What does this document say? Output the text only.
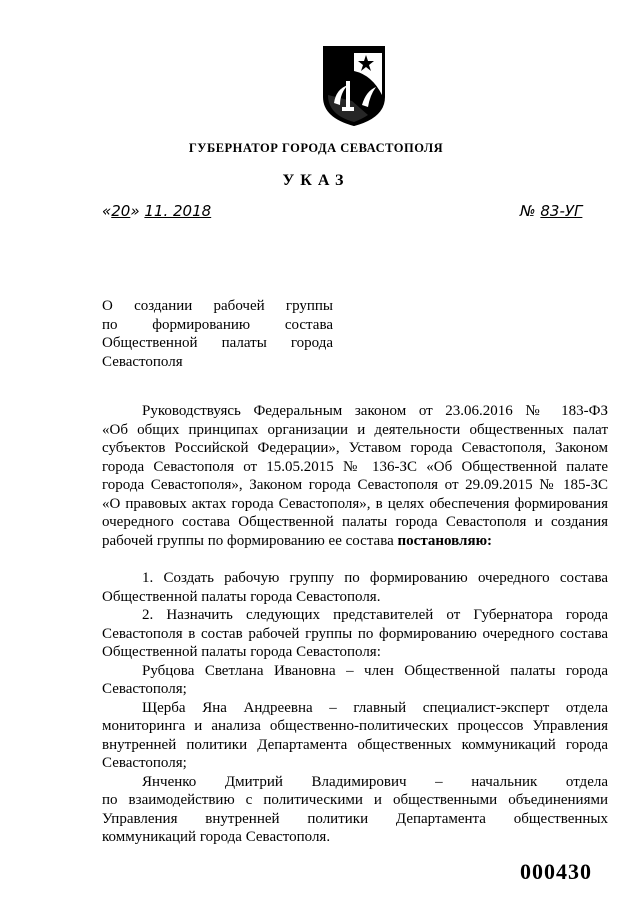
ГУБЕРНАТОР ГОРОДА СЕВАСТОПОЛЯ
УКАЗ
«20» 11. 2018	№ 83-УГ
О создании рабочей группы
по формированию состава
Общественной палаты города
Севастополя
Руководствуясь Федеральным законом от 23.06.2016 № 183-ФЗ
«Об общих принципах организации и деятельности общественных палат
субъектов Российской Федерации», Уставом города Севастополя, Законом
города Севастополя от 15.05.2015 № 136-ЗС «Об Общественной палате
города Севастополя», Законом города Севастополя от 29.09.2015 № 185-ЗС
«О правовых актах города Севастополя», в целях обеспечения формирования
очередного состава Общественной палаты города Севастополя и создания
рабочей группы по формированию ее состава постановляю:
1. Создать рабочую группу по формированию очередного состава
Общественной палаты города Севастополя.
2. Назначить следующих представителей от Губернатора города
Севастополя в состав рабочей группы по формированию очередного состава
Общественной палаты города Севастополя:
Рубцова Светлана Ивановна – член Общественной палаты города
Севастополя;
Щерба Яна Андреевна – главный специалист-эксперт отдела
мониторинга и анализа общественно-политических процессов Управления
внутренней политики Департамента общественных коммуникаций города
Севастополя;
Янченко Дмитрий Владимирович – начальник отдела
по взаимодействию с политическими и общественными объединениями
Управления внутренней политики Департамента общественных
коммуникаций города Севастополя.
000430
